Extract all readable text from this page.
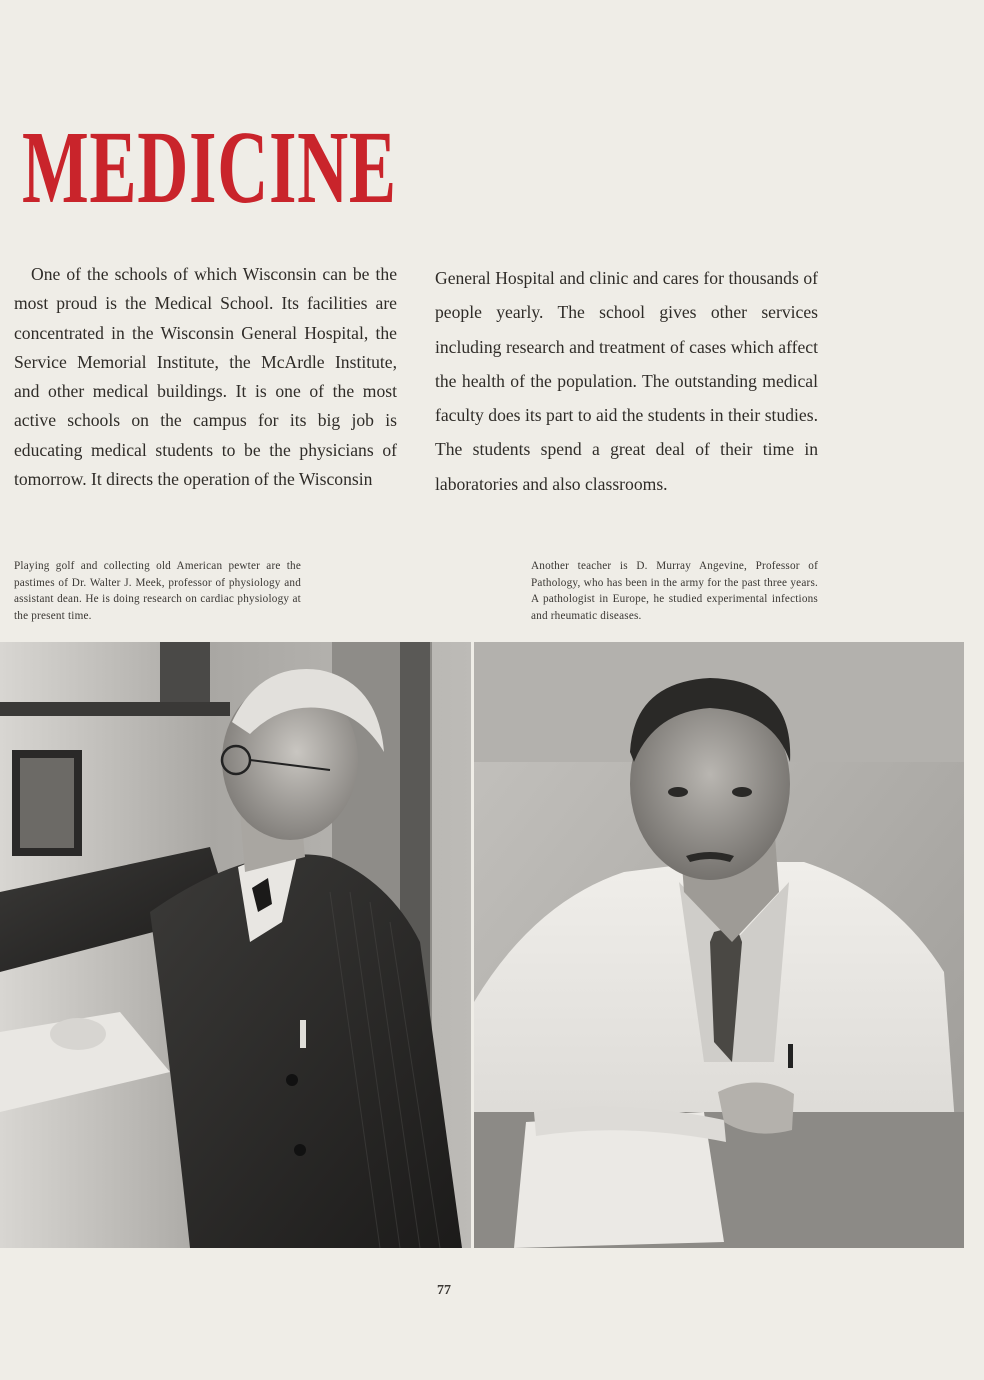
MEDICINE

One of the schools of which Wisconsin can be the most proud is the Medical School. Its facilities are concentrated in the Wisconsin General Hospital, the Service Memorial Institute, the McArdle Institute, and other medical buildings. It is one of the most active schools on the campus for its big job is educating medical students to be the physicians of tomorrow. It directs the operation of the Wisconsin

General Hospital and clinic and cares for thousands of people yearly. The school gives other services including research and treatment of cases which affect the health of the population. The outstanding medical faculty does its part to aid the students in their studies. The students spend a great deal of their time in laboratories and also classrooms.

Playing golf and collecting old American pewter are the pastimes of Dr. Walter J. Meek, professor of physiology and assistant dean. He is doing research on cardiac physiology at the present time.

Another teacher is D. Murray Angevine, Professor of Pathology, who has been in the army for the past three years. A pathologist in Europe, he studied experimental infections and rheumatic diseases.

77
